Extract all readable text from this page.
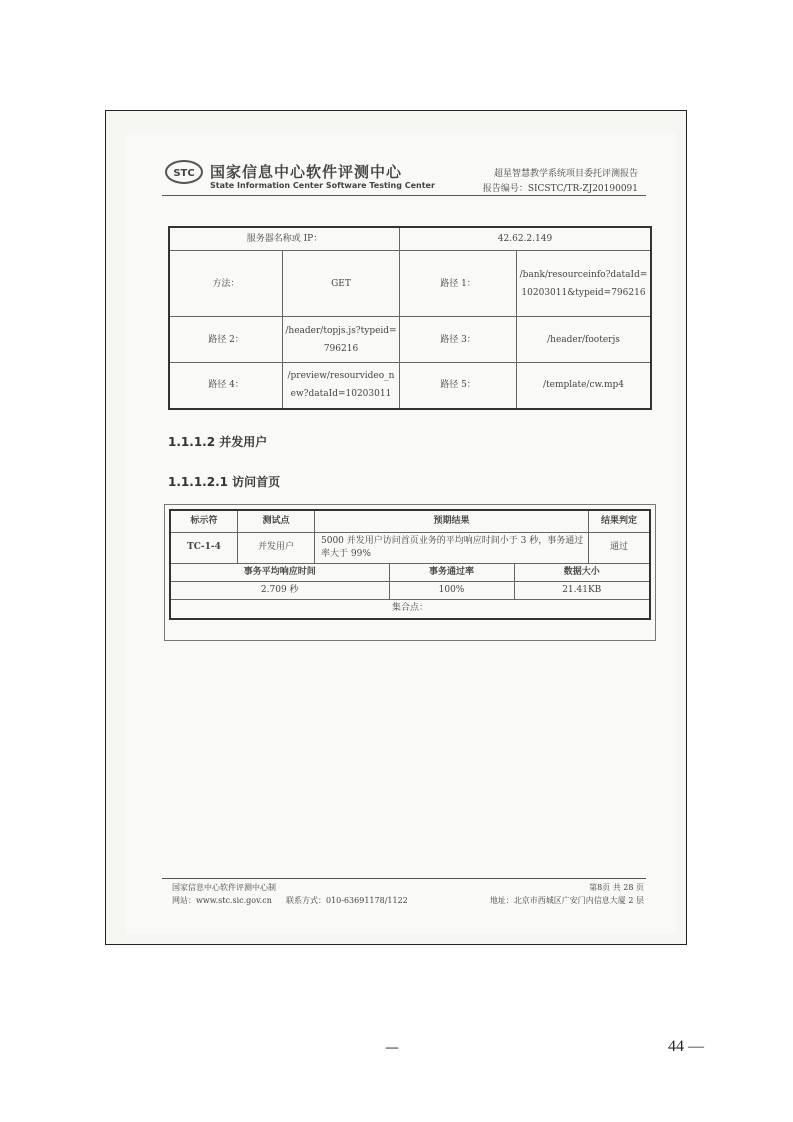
STC 国家信息中心软件评测中心
State Information Center Software Testing Center
超星智慧教学系统项目委托评测报告
报告编号：SICSTC/TR-ZJ20190091
服务器名称或 IP：		42.62.2.149	
方法：	GET	路径 1：	/bank/resourceinfo?dataId=10203011&typeid=796216
路径 2：	/header/topjs.js?typeid=796216	路径 3：	/header/footerjs
路径 4：	/preview/resourvideo_new?dataId=10203011	路径 5：	/template/cw.mp4
1.1.1.2 并发用户
1.1.1.2.1 访问首页
标示符	测试点	预期结果			结果判定
TC-1-4	并发用户	5000 并发用户访问首页业务的平均响应时间小于 3 秒，事务通过率大于 99%			通过
事务平均响应时间			事务通过率	数据大小	
2.709 秒			100%	21.41KB	
集合点：					
国家信息中心软件评测中心制
网站：www.stc.sic.gov.cn 联系方式：010-63691178/1122
第8页 共 28 页
地址：北京市西城区广安门内信息大厦 2 层
—	44 —
